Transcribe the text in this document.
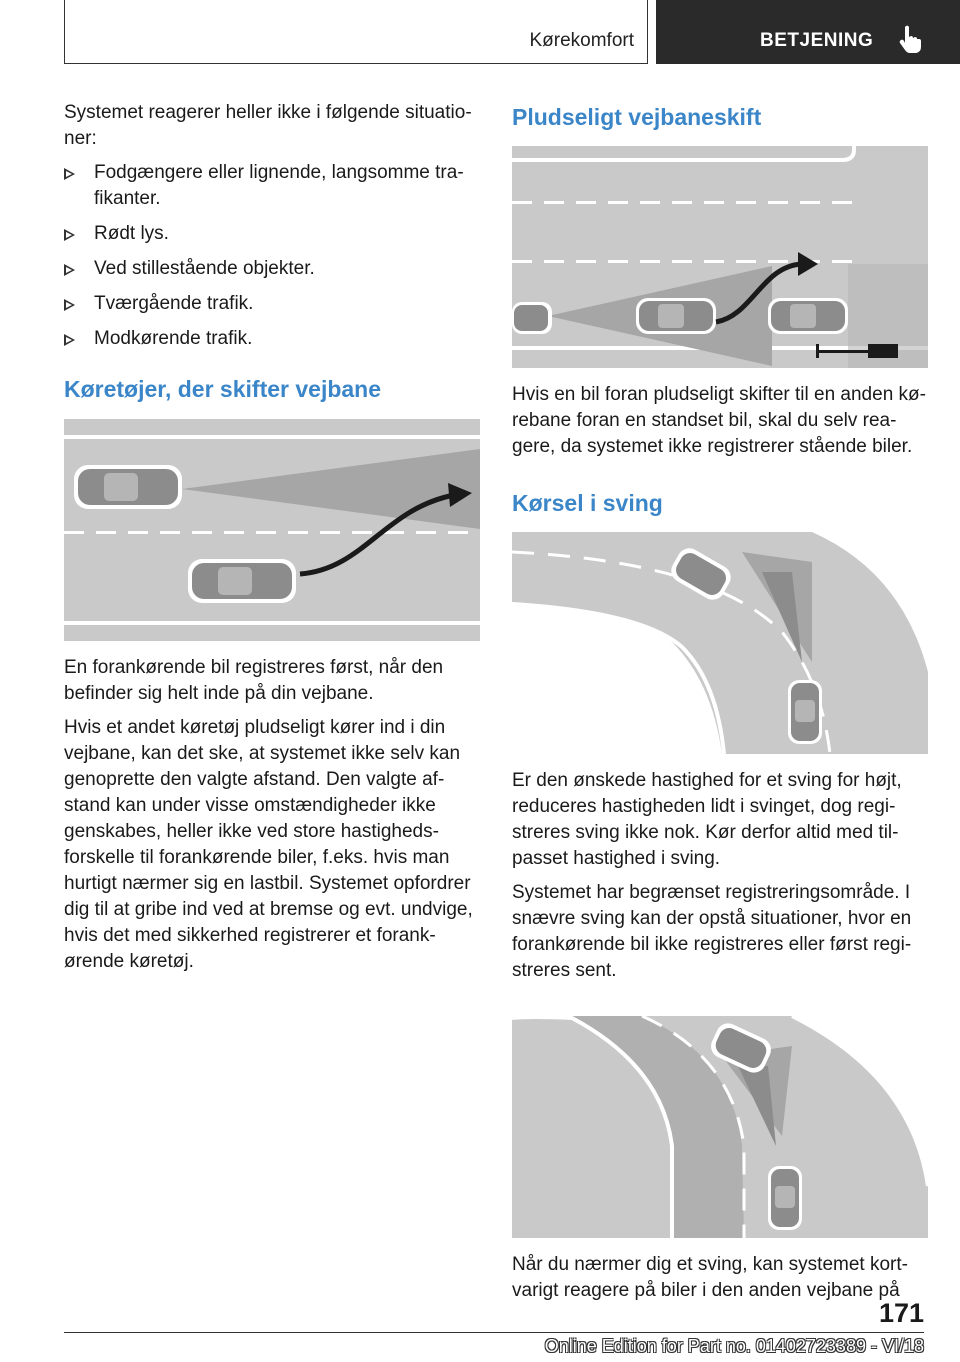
Kørekomfort	BETJENING

Systemet reagerer heller ikke i følgende situationer:

Fodgængere eller lignende, langsomme trafikanter.
Rødt lys.
Ved stillestående objekter.
Tværgående trafik.
Modkørende trafik.
Køretøjer, der skifter vejbane

En forankørende bil registreres først, når den befinder sig helt inde på din vejbane.

Hvis et andet køretøj pludseligt kører ind i din vejbane, kan det ske, at systemet ikke selv kan genoprette den valgte afstand. Den valgte afstand kan under visse omstændigheder ikke genskabes, heller ikke ved store hastighedsforskelle til forankørende biler, f.eks. hvis man hurtigt nærmer sig en lastbil. Systemet opfordrer dig til at gribe ind ved at bremse og evt. undvige, hvis det med sikkerhed registrerer et forankørende køretøj.

Pludseligt vejbaneskift

Hvis en bil foran pludseligt skifter til en anden kørebane foran en standset bil, skal du selv reagere, da systemet ikke registrerer stående biler.

Kørsel i sving

Er den ønskede hastighed for et sving for højt, reduceres hastigheden lidt i svinget, dog registreres sving ikke nok. Kør derfor altid med tilpasset hastighed i sving.

Systemet har begrænset registreringsområde. I snævre sving kan der opstå situationer, hvor en forankørende bil ikke registreres eller først registreres sent.

Når du nærmer dig et sving, kan systemet kortvarigt reagere på biler i den anden vejbane på

171
Online Edition for Part no. 01402723389 - VI/18
